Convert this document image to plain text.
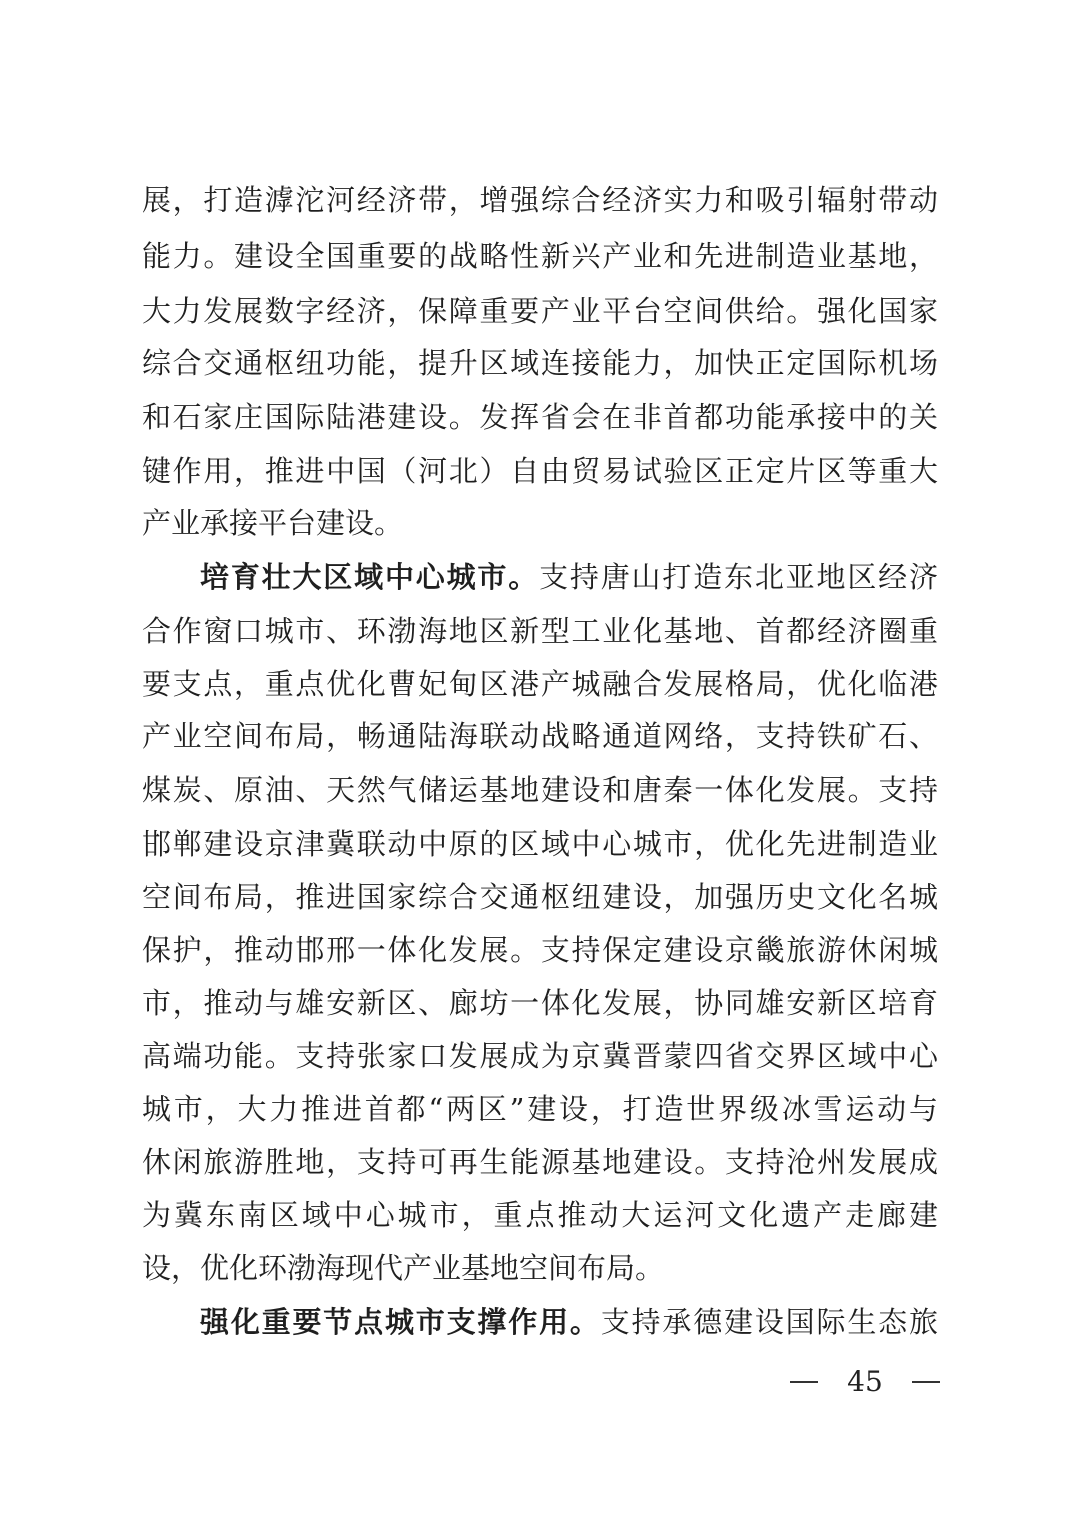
展，打造滹沱河经济带，增强综合经济实力和吸引辐射带动
能力。建设全国重要的战略性新兴产业和先进制造业基地，
大力发展数字经济，保障重要产业平台空间供给。强化国家
综合交通枢纽功能，提升区域连接能力，加快正定国际机场
和石家庄国际陆港建设。发挥省会在非首都功能承接中的关
键作用，推进中国（河北）自由贸易试验区正定片区等重大
产业承接平台建设。
培育壮大区域中心城市。支持唐山打造东北亚地区经济
合作窗口城市、环渤海地区新型工业化基地、首都经济圈重
要支点，重点优化曹妃甸区港产城融合发展格局，优化临港
产业空间布局，畅通陆海联动战略通道网络，支持铁矿石、
煤炭、原油、天然气储运基地建设和唐秦一体化发展。支持
邯郸建设京津冀联动中原的区域中心城市，优化先进制造业
空间布局，推进国家综合交通枢纽建设，加强历史文化名城
保护，推动邯邢一体化发展。支持保定建设京畿旅游休闲城
市，推动与雄安新区、廊坊一体化发展，协同雄安新区培育
高端功能。支持张家口发展成为京冀晋蒙四省交界区域中心
城市，大力推进首都“两区”建设，打造世界级冰雪运动与
休闲旅游胜地，支持可再生能源基地建设。支持沧州发展成
为冀东南区域中心城市，重点推动大运河文化遗产走廊建
设，优化环渤海现代产业基地空间布局。
强化重要节点城市支撑作用。支持承德建设国际生态旅
45
